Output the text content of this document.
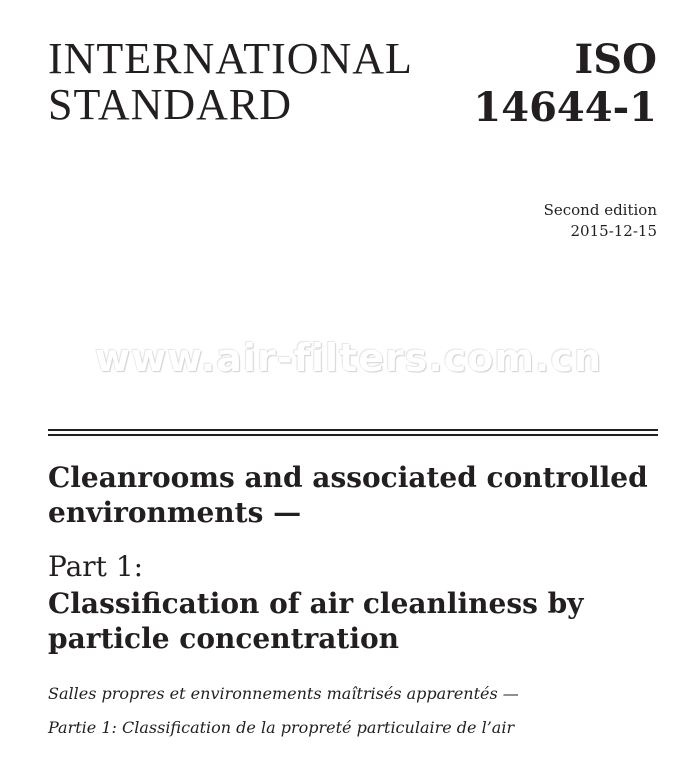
INTERNATIONAL
STANDARD
ISO
14644-1
Second edition
2015-12-15
www.air-filters.com.cn
Cleanrooms and associated controlled
environments —
Part 1:
Classification of air cleanliness by
particle concentration
Salles propres et environnements maîtrisés apparentés —
Partie 1: Classification de la propreté particulaire de l’air
